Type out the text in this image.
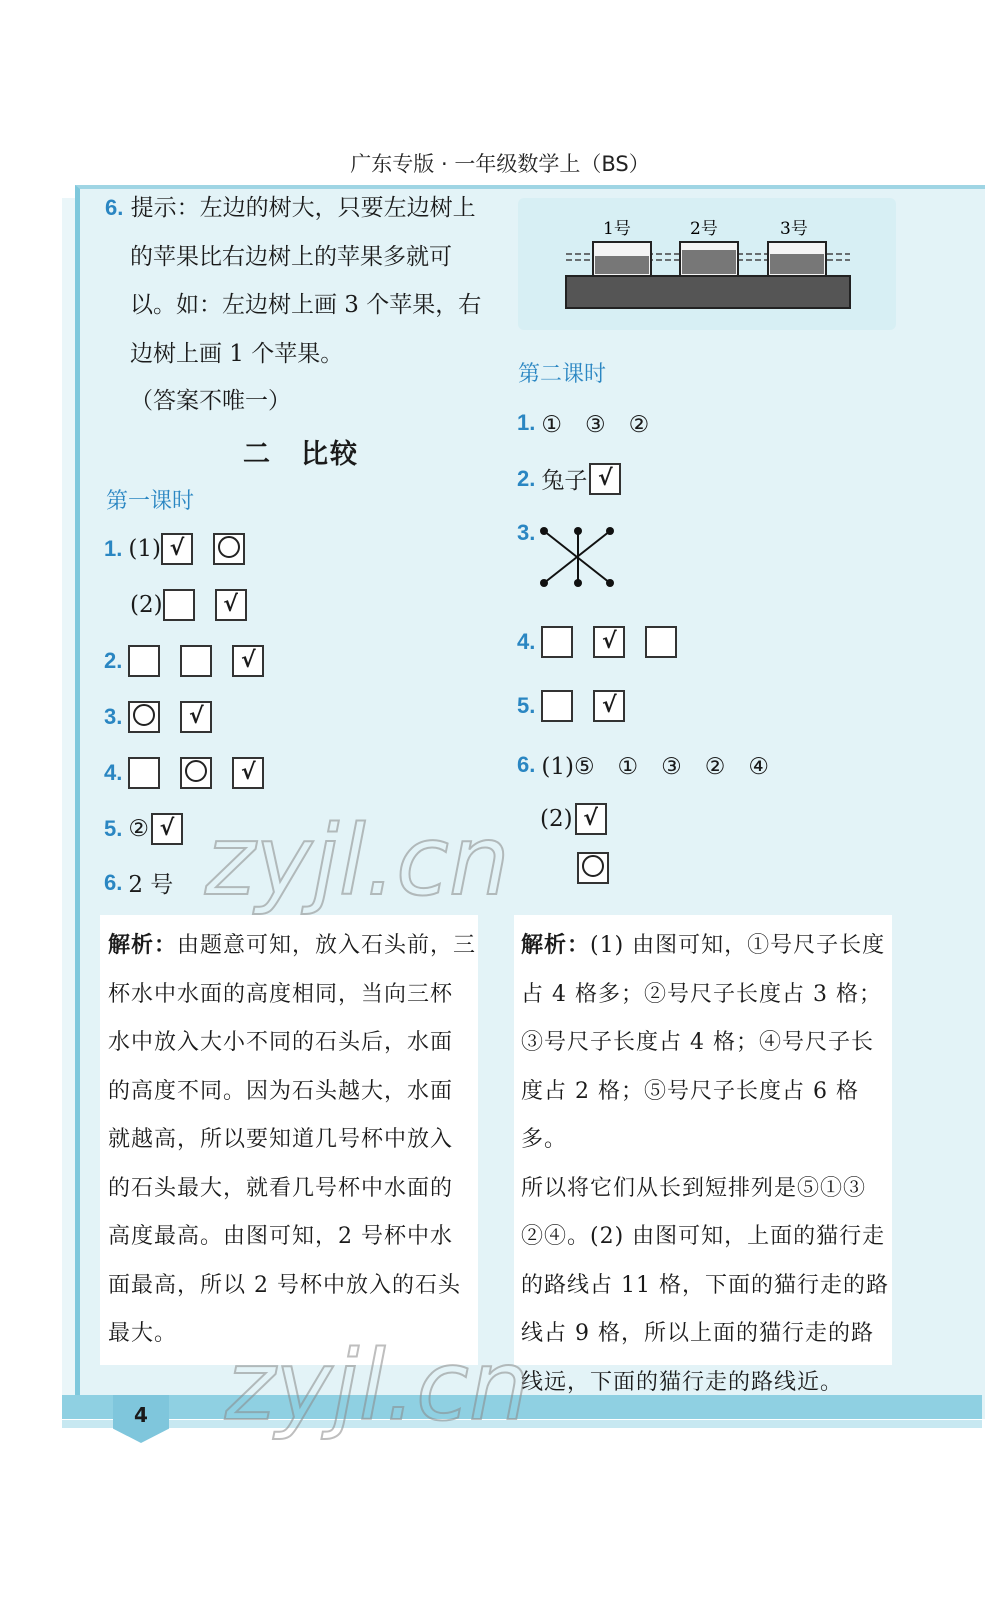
广东专版 · 一年级数学上（BS）
6. 提示：左边的树大，只要左边树上
的苹果比右边树上的苹果多就可
以。如：左边树上画 3 个苹果，右
边树上画 1 个苹果。
（答案不唯一）
二　比较
第一课时
1. (1) √
(2)	√
2.	√
3.	√
4.	√
5. ② √
6. 2 号
解析：由题意可知，放入石头前，三
杯水中水面的高度相同，当向三杯
水中放入大小不同的石头后，水面
的高度不同。因为石头越大，水面
就越高，所以要知道几号杯中放入
的石头最大，就看几号杯中水面的
高度最高。由图可知，2 号杯中水
面最高，所以 2 号杯中放入的石头
最大。
1号	2号	3号
第二课时
1. ①　③　②
2. 兔子 √
3.
4.	√
5.	√
6. (1)⑤　①　③　②　④
(2) √
解析：(1) 由图可知，①号尺子长度
占 4 格多；②号尺子长度占 3 格；
③号尺子长度占 4 格；④号尺子长
度占 2 格；⑤号尺子长度占 6 格多。
所以将它们从长到短排列是⑤①③
②④。(2) 由图可知，上面的猫行走
的路线占 11 格，下面的猫行走的路
线占 9 格，所以上面的猫行走的路
线远，下面的猫行走的路线近。
4
zyjl.cn
zyjl.cn
